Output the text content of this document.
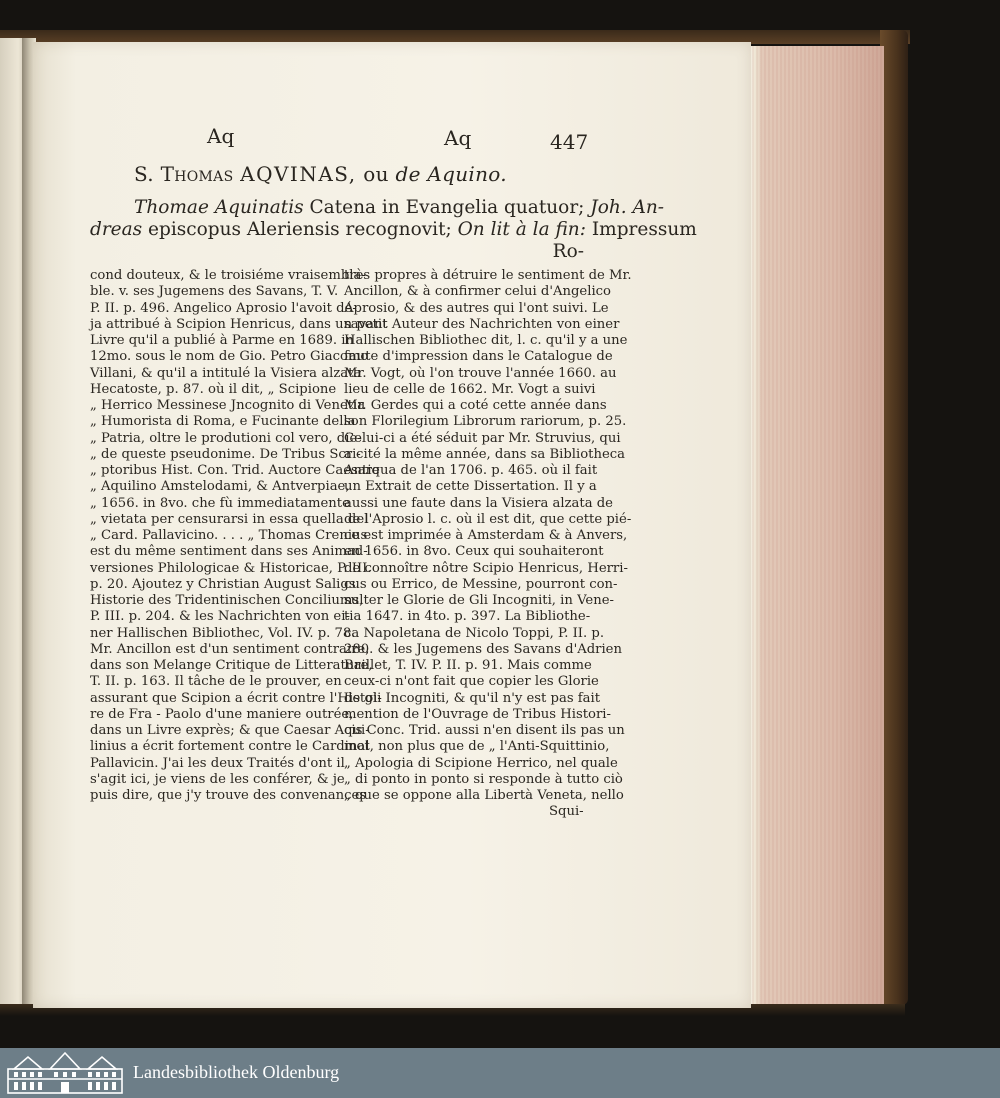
Aq	Aq	447
S. Thomas AQVINAS, ou de Aquino.
Thomae Aquinatis Catena in Evangelia quatuor; Joh. An-
dreas episcopus Aleriensis recognovit; On lit à la fin: Impressum
Ro-
cond douteux, & le troisiéme vraisembla-
ble. v. ses Jugemens des Savans, T. V.
P. II. p. 496. Angelico Aprosio l'avoit dé-
ja attribué à Scipion Henricus, dans un petit
Livre qu'il a publié à Parme en 1689. in
12mo. sous le nom de Gio. Petro Giacomo
Villani, & qu'il a intitulé la Visiera alzata
Hecatoste, p. 87. où il dit, „ Scipione
„ Herrico Messinese Jncognito di Venetia
„ Humorista di Roma, e Fucinante della
„ Patria, oltre le produtioni col vero, die-
„ de queste pseudonime. De Tribus Scri-
„ ptoribus Hist. Con. Trid. Auctore Caesare
„ Aquilino Amstelodami, & Antverpiae,
„ 1656. in 8vo. che fù immediatamente
„ vietata per censurarsi in essa quella del
„ Card. Pallavicino. . . . „ Thomas Crenius
est du même sentiment dans ses Animad-
versiones Philologicae & Historicae, P. III.
p. 20. Ajoutez y Christian August Saligs
Historie des Tridentinischen Conciliums,
P. III. p. 204. & les Nachrichten von ei-
ner Hallischen Bibliothec, Vol. IV. p. 78.
Mr. Ancillon est d'un sentiment contraire,
dans son Melange Critique de Litterature,
T. II. p. 163. Il tâche de le prouver, en
assurant que Scipion a écrit contre l'Histoi-
re de Fra - Paolo d'une maniere outrée,
dans un Livre exprès; & que Caesar Aqui-
linius a écrit fortement contre le Cardinal
Pallavicin. J'ai les deux Traités d'ont il
s'agit ici, je viens de les conférer, & je
puis dire, que j'y trouve des convenances
très propres à détruire le sentiment de Mr.
Ancillon, & à confirmer celui d'Angelico
Aprosio, & des autres qui l'ont suivi. Le
savant Auteur des Nachrichten von einer
Hallischen Bibliothec dit, l. c. qu'il y a une
faute d'impression dans le Catalogue de
Mr. Vogt, où l'on trouve l'année 1660. au
lieu de celle de 1662. Mr. Vogt a suivi
Mr. Gerdes qui a coté cette année dans
son Florilegium Librorum rariorum, p. 25.
Celui-ci a été séduit par Mr. Struvius, qui
a cité la même année, dans sa Bibliotheca
Antiqua de l'an 1706. p. 465. où il fait
un Extrait de cette Dissertation. Il y a
aussi une faute dans la Visiera alzata de
de l'Aprosio l. c. où il est dit, que cette pié-
ce est imprimée à Amsterdam & à Anvers,
en 1656. in 8vo. Ceux qui souhaiteront
de connoître nôtre Scipio Henricus, Herri-
cus ou Errico, de Messine, pourront con-
sulter le Glorie de Gli Incogniti, in Vene-
tia 1647. in 4to. p. 397. La Bibliothe-
ca Napoletana de Nicolo Toppi, P. II. p.
280. & les Jugemens des Savans d'Adrien
Baillet, T. IV. P. II. p. 91. Mais comme
ceux-ci n'ont fait que copier les Glorie
de gli Incogniti, & qu'il n'y est pas fait
mention de l'Ouvrage de Tribus Histori-
cis Conc. Trid. aussi n'en disent ils pas un
mot, non plus que de „ l'Anti-Squittinio,
„ Apologia di Scipione Herrico, nel quale
„ di ponto in ponto si responde à tutto ciò
„ que se oppone alla Libertà Veneta, nello
Squi-
Landesbibliothek Oldenburg
